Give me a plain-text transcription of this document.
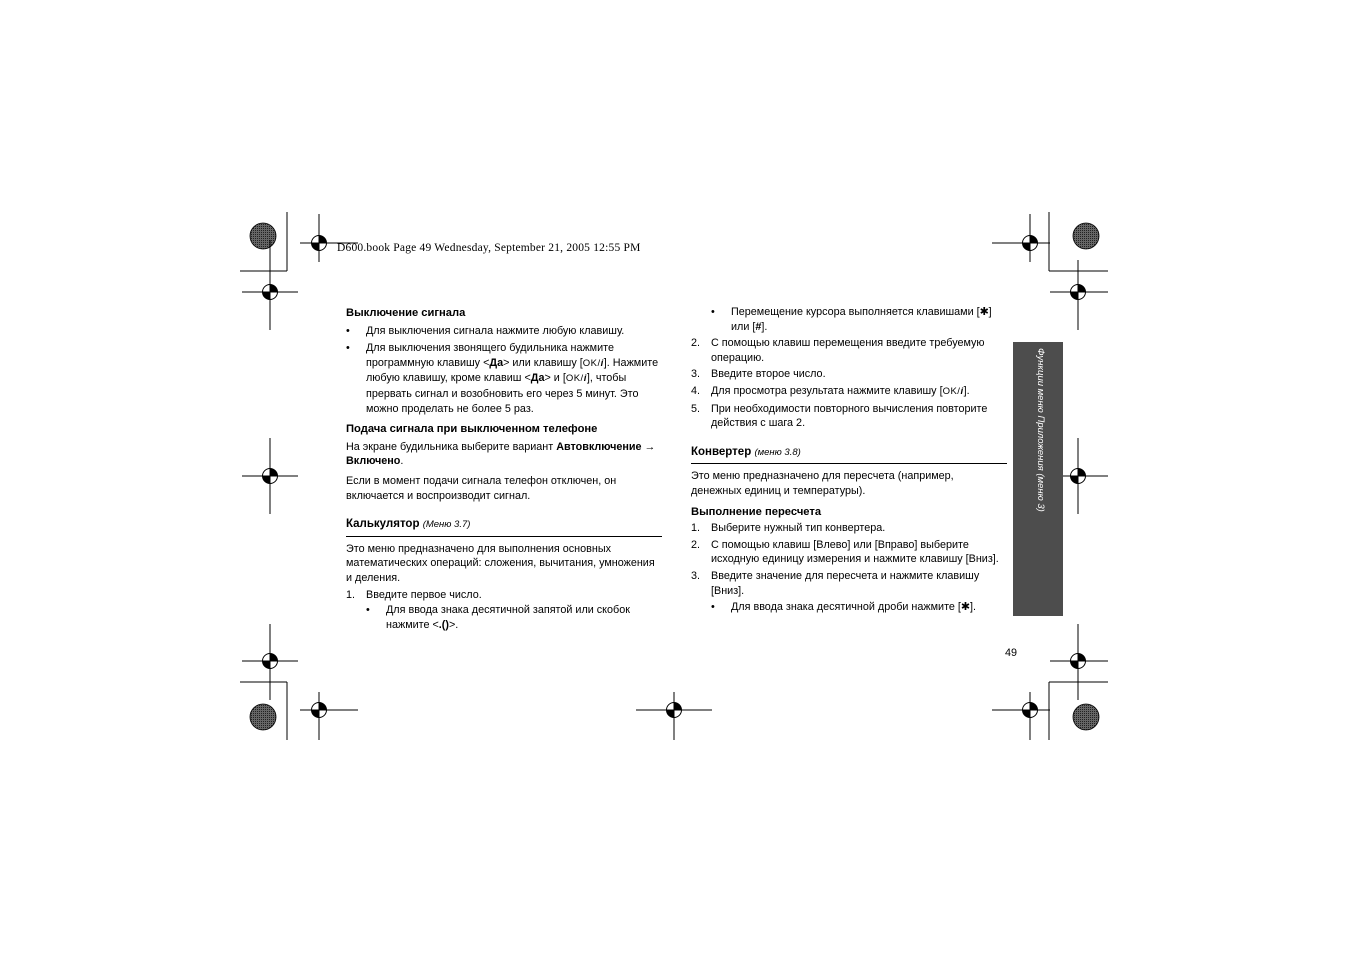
D600.book Page 49 Wednesday, September 21, 2005 12:55 PM

Выключение сигнала

• Для выключения сигнала нажмите любую клавишу.

• Для выключения звонящего будильника нажмите программную клавишу <Да> или клавишу [OK/i]. Нажмите любую клавишу, кроме клавиш <Да> и [OK/i], чтобы прервать сигнал и возобновить его через 5 минут. Это можно проделать не более 5 раз.

Подача сигнала при выключенном телефоне

На экране будильника выберите вариант Автовключение → Включено.

Если в момент подачи сигнала телефон отключен, он включается и воспроизводит сигнал.

Калькулятор (Меню 3.7)

Это меню предназначено для выполнения основных математических операций: сложения, вычитания, умножения и деления.

1. Введите первое число.

• Для ввода знака десятичной запятой или скобок нажмите <.()>.

• Перемещение курсора выполняется клавишами [✱] или [#].

2. С помощью клавиш перемещения введите требуемую операцию.

3. Введите второе число.

4. Для просмотра результата нажмите клавишу [OK/i].

5. При необходимости повторного вычисления повторите действия с шага 2.

Конвертер (меню 3.8)

Это меню предназначено для пересчета (например, денежных единиц и температуры).

Выполнение пересчета

1. Выберите нужный тип конвертера.

2. С помощью клавиш [Влево] или [Вправо] выберите исходную единицу измерения и нажмите клавишу [Вниз].

3. Введите значение для пересчета и нажмите клавишу [Вниз].

• Для ввода знака десятичной дроби нажмите [✱].

Функции меню Приложения (меню 3)
49
